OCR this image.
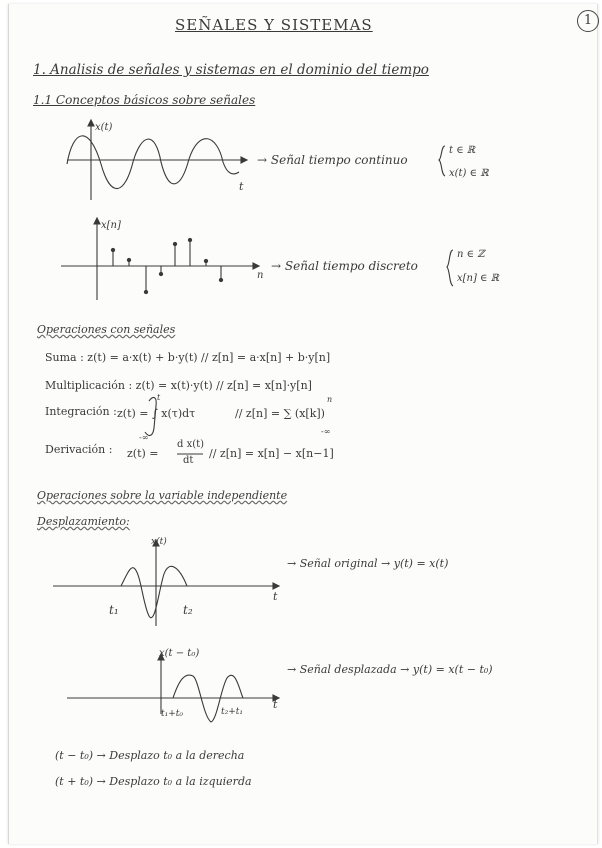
SEÑALES Y SISTEMAS	1
1. Analisis de señales y sistemas en el dominio del tiempo
1.1 Conceptos básicos sobre señales
x(t)
t
x[n]
n
x(t)
t
t₁	t₂
x(t − t₀)
t
t₁+t₀	t₂+t₁
→ Señal tiempo continuo
t ∈ ℝ
x(t) ∈ ℝ
→ Señal tiempo discreto
n ∈ ℤ
x[n] ∈ ℝ
Operaciones con señales
Suma : z(t) = a·x(t) + b·y(t) // z[n] = a·x[n] + b·y[n]
Multiplicación : z(t) = x(t)·y(t) // z[n] = x[n]·y[n]
Integración : z(t) = ∫ x(τ)dτ
t
-∞
// z[n] = ∑ (x[k])
n
-∞
Derivación : z(t) =
d x(t)
dt
// z[n] = x[n] − x[n−1]
Operaciones sobre la variable independiente
Desplazamiento:
→ Señal original → y(t) = x(t)
→ Señal desplazada → y(t) = x(t − t₀)
(t − t₀) → Desplazo t₀ a la derecha
(t + t₀) → Desplazo t₀ a la izquierda
